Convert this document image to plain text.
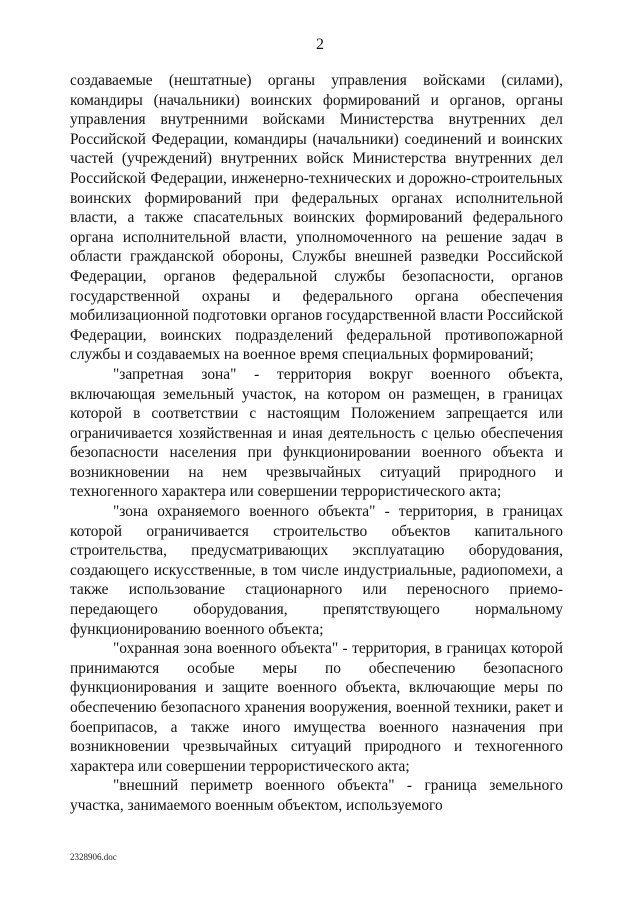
2

создаваемые (нештатные) органы управления войсками (силами), командиры (начальники) воинских формирований и органов, органы управления внутренними войсками Министерства внутренних дел Российской Федерации, командиры (начальники) соединений и воинских частей (учреждений) внутренних войск Министерства внутренних дел Российской Федерации, инженерно-технических и дорожно-строительных воинских формирований при федеральных органах исполнительной власти, а также спасательных воинских формирований федерального органа исполнительной власти, уполномоченного на решение задач в области гражданской обороны, Службы внешней разведки Российской Федерации, органов федеральной службы безопасности, органов государственной охраны и федерального органа обеспечения мобилизационной подготовки органов государственной власти Российской Федерации, воинских подразделений федеральной противопожарной службы и создаваемых на военное время специальных формирований;

"запретная зона" - территория вокруг военного объекта, включающая земельный участок, на котором он размещен, в границах которой в соответствии с настоящим Положением запрещается или ограничивается хозяйственная и иная деятельность с целью обеспечения безопасности населения при функционировании военного объекта и возникновении на нем чрезвычайных ситуаций природного и техногенного характера или совершении террористического акта;

"зона охраняемого военного объекта" - территория, в границах которой ограничивается строительство объектов капитального строительства, предусматривающих эксплуатацию оборудования, создающего искусственные, в том числе индустриальные, радиопомехи, а также использование стационарного или переносного приемо-передающего оборудования, препятствующего нормальному функционированию военного объекта;

"охранная зона военного объекта" - территория, в границах которой принимаются особые меры по обеспечению безопасного функционирования и защите военного объекта, включающие меры по обеспечению безопасного хранения вооружения, военной техники, ракет и боеприпасов, а также иного имущества военного назначения при возникновении чрезвычайных ситуаций природного и техногенного характера или совершении террористического акта;

"внешний периметр военного объекта" - граница земельного участка, занимаемого военным объектом, используемого

2328906.doc
